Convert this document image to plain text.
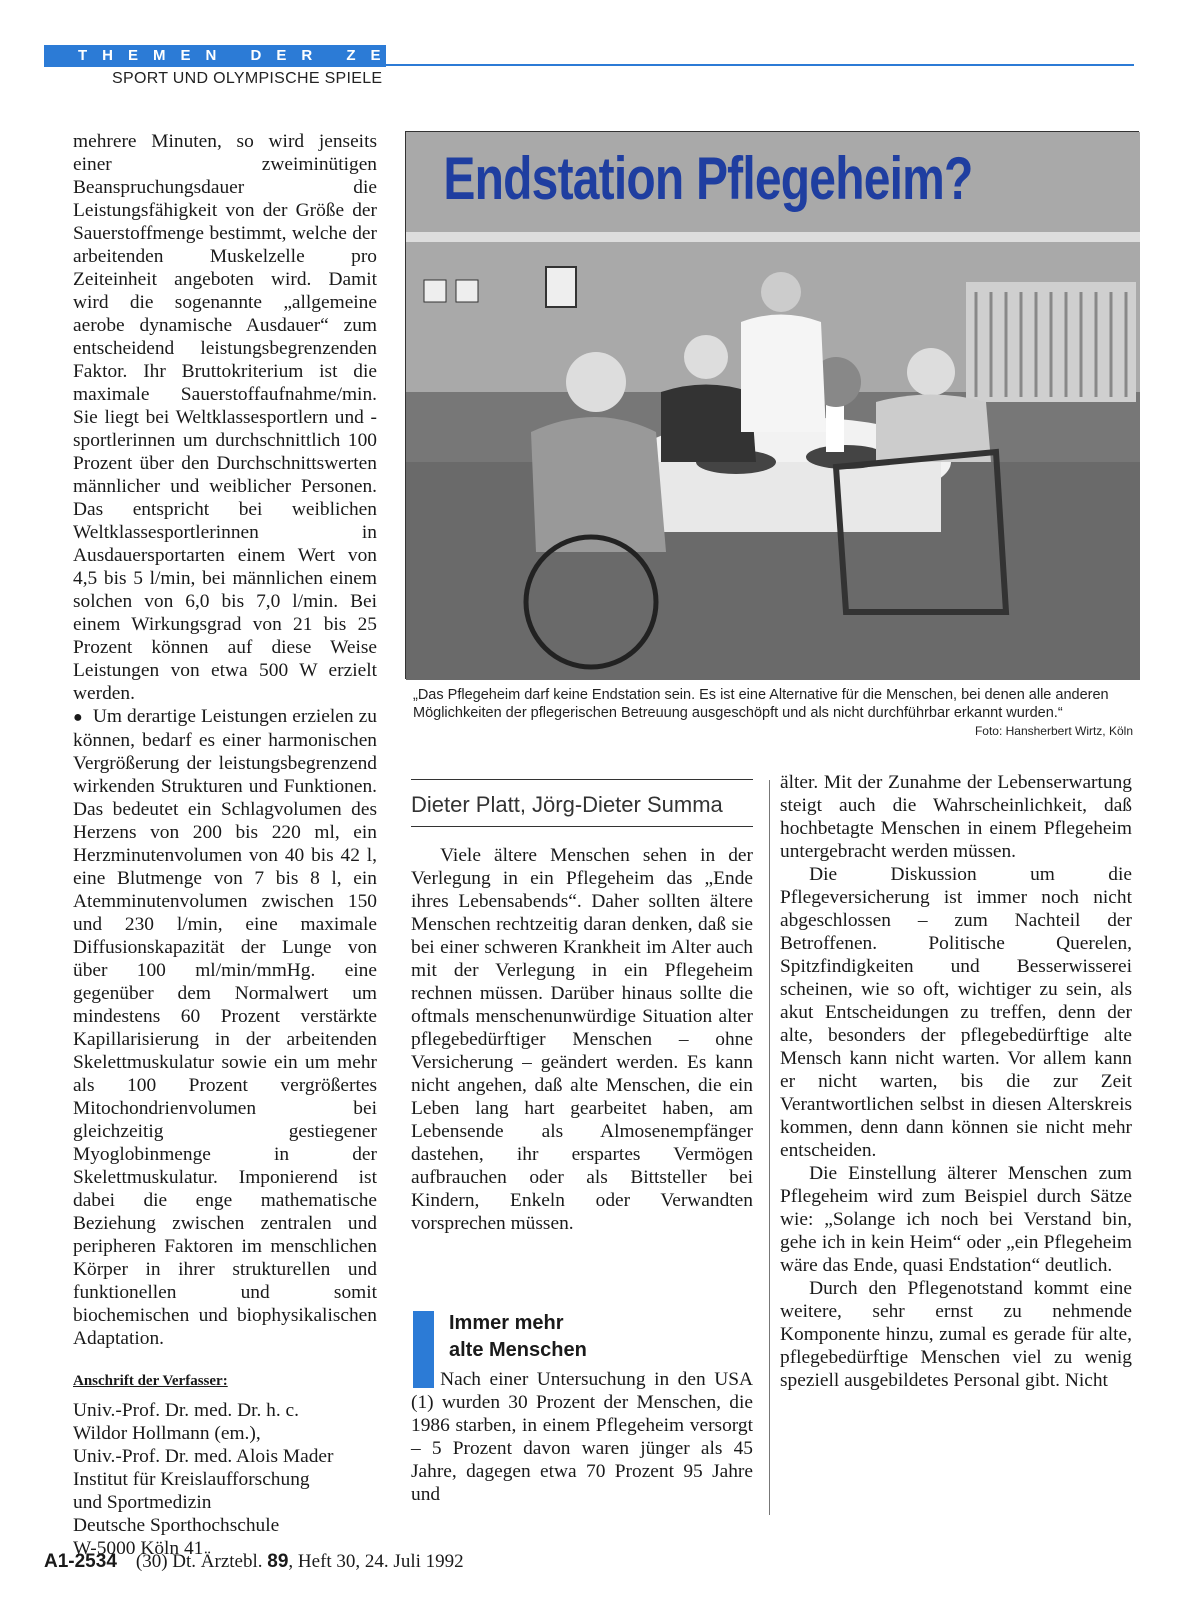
THEMEN DER ZEIT
SPORT UND OLYMPISCHE SPIELE

mehrere Minuten, so wird jenseits einer zweiminütigen Beanspruchungsdauer die Leistungsfähigkeit von der Größe der Sauerstoffmenge bestimmt, welche der arbeitenden Muskelzelle pro Zeiteinheit angeboten wird. Damit wird die sogenannte „allgemeine aerobe dynamische Ausdauer“ zum entscheidend leistungsbegrenzenden Faktor. Ihr Bruttokriterium ist die maximale Sauerstoffaufnahme/min. Sie liegt bei Weltklassesportlern und -sportlerinnen um durchschnittlich 100 Prozent über den Durchschnittswerten männlicher und weiblicher Personen. Das entspricht bei weiblichen Weltklassesportlerinnen in Ausdauersportarten einem Wert von 4,5 bis 5 l/min, bei männlichen einem solchen von 6,0 bis 7,0 l/min. Bei einem Wirkungsgrad von 21 bis 25 Prozent können auf diese Weise Leistungen von etwa 500 W erzielt werden.

● Um derartige Leistungen erzielen zu können, bedarf es einer harmonischen Vergrößerung der leistungsbegrenzend wirkenden Strukturen und Funktionen. Das bedeutet ein Schlagvolumen des Herzens von 200 bis 220 ml, ein Herzminutenvolumen von 40 bis 42 l, eine Blutmenge von 7 bis 8 l, ein Atemminutenvolumen zwischen 150 und 230 l/min, eine maximale Diffusionskapazität der Lunge von über 100 ml/min/mmHg. eine gegenüber dem Normalwert um mindestens 60 Prozent verstärkte Kapillarisierung in der arbeitenden Skelettmuskulatur sowie ein um mehr als 100 Prozent vergrößertes Mitochondrienvolumen bei gleichzeitig gestiegener Myoglobinmenge in der Skelettmuskulatur. Imponierend ist dabei die enge mathematische Beziehung zwischen zentralen und peripheren Faktoren im menschlichen Körper in ihrer strukturellen und funktionellen und somit biochemischen und biophysikalischen Adaptation.

Anschrift der Verfasser:
Univ.-Prof. Dr. med. Dr. h. c.
Wildor Hollmann (em.),
Univ.-Prof. Dr. med. Alois Mader
Institut für Kreislaufforschung
und Sportmedizin
Deutsche Sporthochschule
W-5000 Köln 41
Endstation Pflegeheim?
„Das Pflegeheim darf keine Endstation sein. Es ist eine Alternative für die Menschen, bei denen alle anderen Möglichkeiten der pflegerischen Betreuung ausgeschöpft und als nicht durchführbar erkannt wurden.“
Foto: Hansherbert Wirtz, Köln
Dieter Platt, Jörg-Dieter Summa

Viele ältere Menschen sehen in der Verlegung in ein Pflegeheim das „Ende ihres Lebensabends“. Daher sollten ältere Menschen rechtzeitig daran denken, daß sie bei einer schweren Krankheit im Alter auch mit der Verlegung in ein Pflegeheim rechnen müssen. Darüber hinaus sollte die oftmals menschenunwürdige Situation alter pflegebedürftiger Menschen – ohne Versicherung – geändert werden. Es kann nicht angehen, daß alte Menschen, die ein Leben lang hart gearbeitet haben, am Lebensende als Almosenempfänger dastehen, ihr erspartes Vermögen aufbrauchen oder als Bittsteller bei Kindern, Enkeln oder Verwandten vorsprechen müssen.

Immer mehr
alte Menschen

Nach einer Untersuchung in den USA (1) wurden 30 Prozent der Menschen, die 1986 starben, in einem Pflegeheim versorgt – 5 Prozent davon waren jünger als 45 Jahre, dagegen etwa 70 Prozent 95 Jahre und

älter. Mit der Zunahme der Lebenserwartung steigt auch die Wahrscheinlichkeit, daß hochbetagte Menschen in einem Pflegeheim untergebracht werden müssen.

Die Diskussion um die Pflegeversicherung ist immer noch nicht abgeschlossen – zum Nachteil der Betroffenen. Politische Querelen, Spitzfindigkeiten und Besserwisserei scheinen, wie so oft, wichtiger zu sein, als akut Entscheidungen zu treffen, denn der alte, besonders der pflegebedürftige alte Mensch kann nicht warten. Vor allem kann er nicht warten, bis die zur Zeit Verantwortlichen selbst in diesen Alterskreis kommen, denn dann können sie nicht mehr entscheiden.

Die Einstellung älterer Menschen zum Pflegeheim wird zum Beispiel durch Sätze wie: „Solange ich noch bei Verstand bin, gehe ich in kein Heim“ oder „ein Pflegeheim wäre das Ende, quasi Endstation“ deutlich.

Durch den Pflegenotstand kommt eine weitere, sehr ernst zu nehmende Komponente hinzu, zumal es gerade für alte, pflegebedürftige Menschen viel zu wenig speziell ausgebildetes Personal gibt. Nicht

A1-2534 (30) Dt. Ärztebl. 89, Heft 30, 24. Juli 1992
